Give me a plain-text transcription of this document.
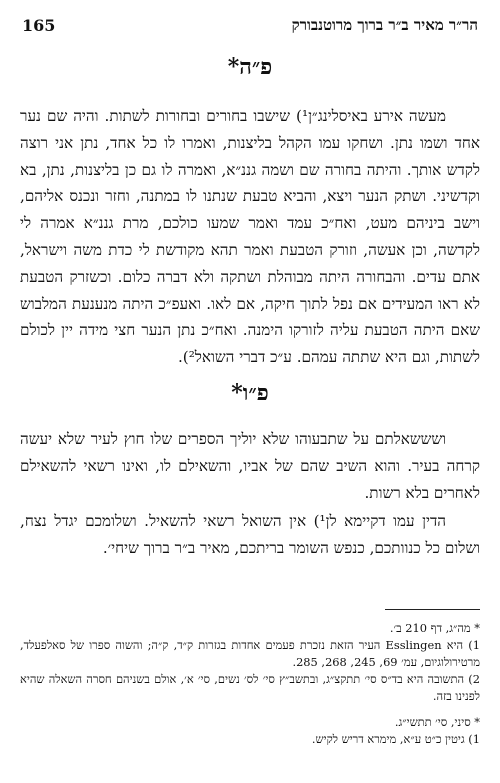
165	הר״ר מאיר ב״ר ברוך מרוטנבורק
פ״ה*

מעשה אירע באיסלינג״ן¹) שישבו בחורים ובחורות לשתות. והיה שם נער אחד ושמו נתן. ושחקו עמו הקהל בליצנות, ואמרו לו כל אחד, נתן אני רוצה לקדש אותך. והיתה בחורה שם ושמה גננ״א, ואמרה לו גם כן בליצנות, נתן, בא וקדשיני. ושתק הנער ויצא, והביא טבעת שנתנו לו במתנה, וחזר ונכנס אליהם, וישב ביניהם מעט, ואח״כ עמד ואמר שמעו כולכם, מרת גננ״א אמרה לי לקדשה, וכן אעשה, וזורק הטבעת ואמר תהא מקודשת לי כדת משה וישראל, אתם עדים. והבחורה היתה מבוהלת ושתקה ולא דברה כלום. וכשזרק הטבעת לא ראו המעידים אם נפל לתוך חיקה, אם לאו. ואעפ״כ היתה מנענעת המלבוש שאם היתה הטבעת עליה לזורקו הימנה. ואח״כ נתן הנער חצי מידה יין לכולם לשתות, וגם היא שתתה עמהם. ע״כ דברי השואל²).

פ״ו*

ושששאלתם על שתבעוהו שלא יוליך הספרים שלו חוץ לעיר שלא יעשה קרחה בעיר. והוא השיב שהם של אביו, והשאילם לו, ואינו רשאי להשאילם לאחרים בלא רשות.

הדין עמו דקיימא לן¹) אין השואל רשאי להשאיל. ושלומכם יגדל נצח, ושלום כל כנוותכם, כנפש השומר בריתכם, מאיר ב״ר ברוך שיחי׳.

* מה״ג, דף 210 ב׳.

1) היא Esslingen העיר הזאת נזכרת פעמים אחדות בגזרות ק״ד, ק״ה; והשוה ספרו של סאלפעלד, מרטירולוגיום, עמ׳ 69, 245, 268, 285.

2) התשובה היא בד״ס סי׳ תתקצ״ג, ובתשב״ץ סי׳ לס׳ נשים, סי׳ א׳, אולם בשניהם חסרה השאלה שהיא לפנינו בזה.

* סיני, סי׳ תתשי״ג.

1) גיטין כ״ט ע״א, מימרא דריש לקיש.
